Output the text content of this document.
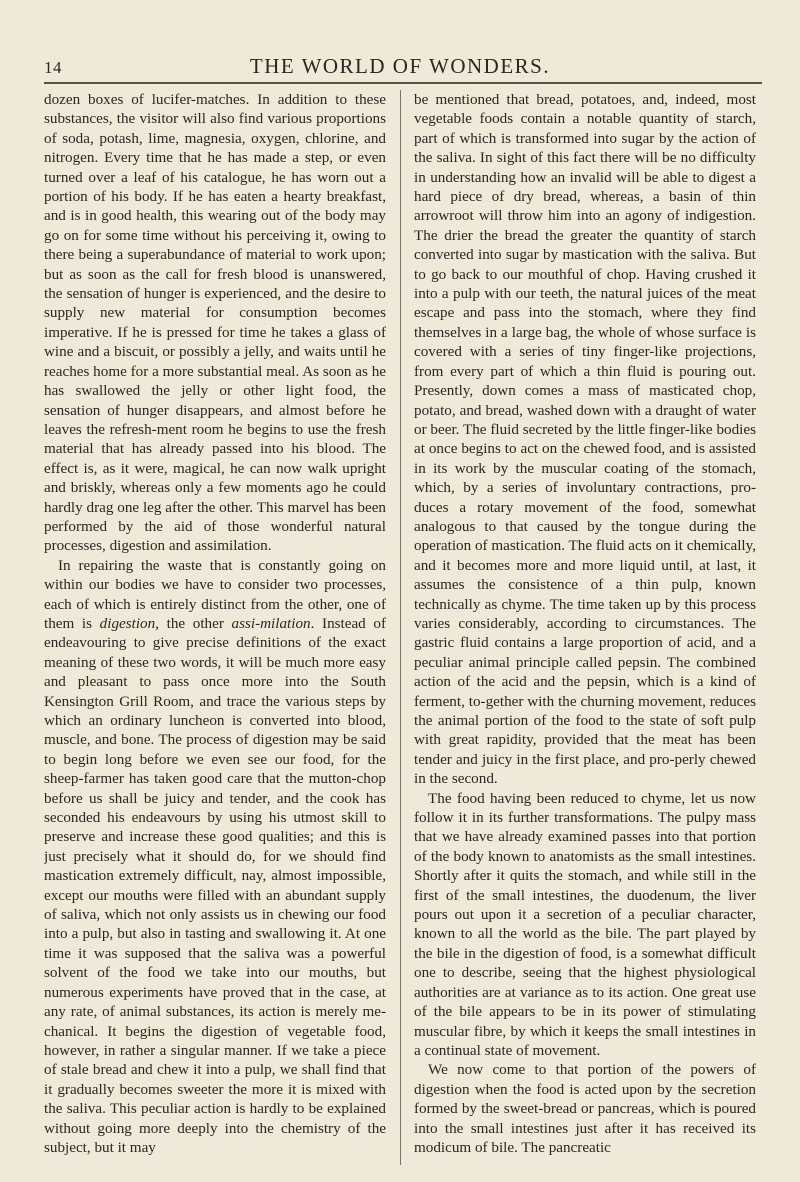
14	THE WORLD OF WONDERS.

dozen boxes of lucifer-matches. In addition to these substances, the visitor will also find various proportions of soda, potash, lime, magnesia, oxygen, chlorine, and nitrogen. Every time that he has made a step, or even turned over a leaf of his catalogue, he has worn out a portion of his body. If he has eaten a hearty breakfast, and is in good health, this wearing out of the body may go on for some time without his perceiving it, owing to there being a superabundance of material to work upon; but as soon as the call for fresh blood is unanswered, the sensation of hunger is experienced, and the desire to supply new material for consumption becomes imperative. If he is pressed for time he takes a glass of wine and a biscuit, or possibly a jelly, and waits until he reaches home for a more substantial meal. As soon as he has swallowed the jelly or other light food, the sensation of hunger disappears, and almost before he leaves the refresh-ment room he begins to use the fresh material that has already passed into his blood. The effect is, as it were, magical, he can now walk upright and briskly, whereas only a few moments ago he could hardly drag one leg after the other. This marvel has been performed by the aid of those wonderful natural processes, digestion and assimilation.

In repairing the waste that is constantly going on within our bodies we have to consider two processes, each of which is entirely distinct from the other, one of them is digestion, the other assi-milation. Instead of endeavouring to give precise definitions of the exact meaning of these two words, it will be much more easy and pleasant to pass once more into the South Kensington Grill Room, and trace the various steps by which an ordinary luncheon is converted into blood, muscle, and bone. The process of digestion may be said to begin long before we even see our food, for the sheep-farmer has taken good care that the mutton-chop before us shall be juicy and tender, and the cook has seconded his endeavours by using his utmost skill to preserve and increase these good qualities; and this is just precisely what it should do, for we should find mastication extremely difficult, nay, almost impossible, except our mouths were filled with an abundant supply of saliva, which not only assists us in chewing our food into a pulp, but also in tasting and swallowing it. At one time it was supposed that the saliva was a powerful solvent of the food we take into our mouths, but numerous experiments have proved that in the case, at any rate, of animal substances, its action is merely me-chanical. It begins the digestion of vegetable food, however, in rather a singular manner. If we take a piece of stale bread and chew it into a pulp, we shall find that it gradually becomes sweeter the more it is mixed with the saliva. This peculiar action is hardly to be explained without going more deeply into the chemistry of the subject, but it may

be mentioned that bread, potatoes, and, indeed, most vegetable foods contain a notable quantity of starch, part of which is transformed into sugar by the action of the saliva. In sight of this fact there will be no difficulty in understanding how an invalid will be able to digest a hard piece of dry bread, whereas, a basin of thin arrowroot will throw him into an agony of indigestion. The drier the bread the greater the quantity of starch converted into sugar by mastication with the saliva. But to go back to our mouthful of chop. Having crushed it into a pulp with our teeth, the natural juices of the meat escape and pass into the stomach, where they find themselves in a large bag, the whole of whose surface is covered with a series of tiny finger-like projections, from every part of which a thin fluid is pouring out. Presently, down comes a mass of masticated chop, potato, and bread, washed down with a draught of water or beer. The fluid secreted by the little finger-like bodies at once begins to act on the chewed food, and is assisted in its work by the muscular coating of the stomach, which, by a series of involuntary contractions, pro-duces a rotary movement of the food, somewhat analogous to that caused by the tongue during the operation of mastication. The fluid acts on it chemically, and it becomes more and more liquid until, at last, it assumes the consistence of a thin pulp, known technically as chyme. The time taken up by this process varies considerably, according to circumstances. The gastric fluid contains a large proportion of acid, and a peculiar animal principle called pepsin. The combined action of the acid and the pepsin, which is a kind of ferment, to-gether with the churning movement, reduces the animal portion of the food to the state of soft pulp with great rapidity, provided that the meat has been tender and juicy in the first place, and pro-perly chewed in the second.

The food having been reduced to chyme, let us now follow it in its further transformations. The pulpy mass that we have already examined passes into that portion of the body known to anatomists as the small intestines. Shortly after it quits the stomach, and while still in the first of the small intestines, the duodenum, the liver pours out upon it a secretion of a peculiar character, known to all the world as the bile. The part played by the bile in the digestion of food, is a somewhat difficult one to describe, seeing that the highest physiological authorities are at variance as to its action. One great use of the bile appears to be in its power of stimulating muscular fibre, by which it keeps the small intestines in a continual state of movement.

We now come to that portion of the powers of digestion when the food is acted upon by the secretion formed by the sweet-bread or pancreas, which is poured into the small intestines just after it has received its modicum of bile. The pancreatic
